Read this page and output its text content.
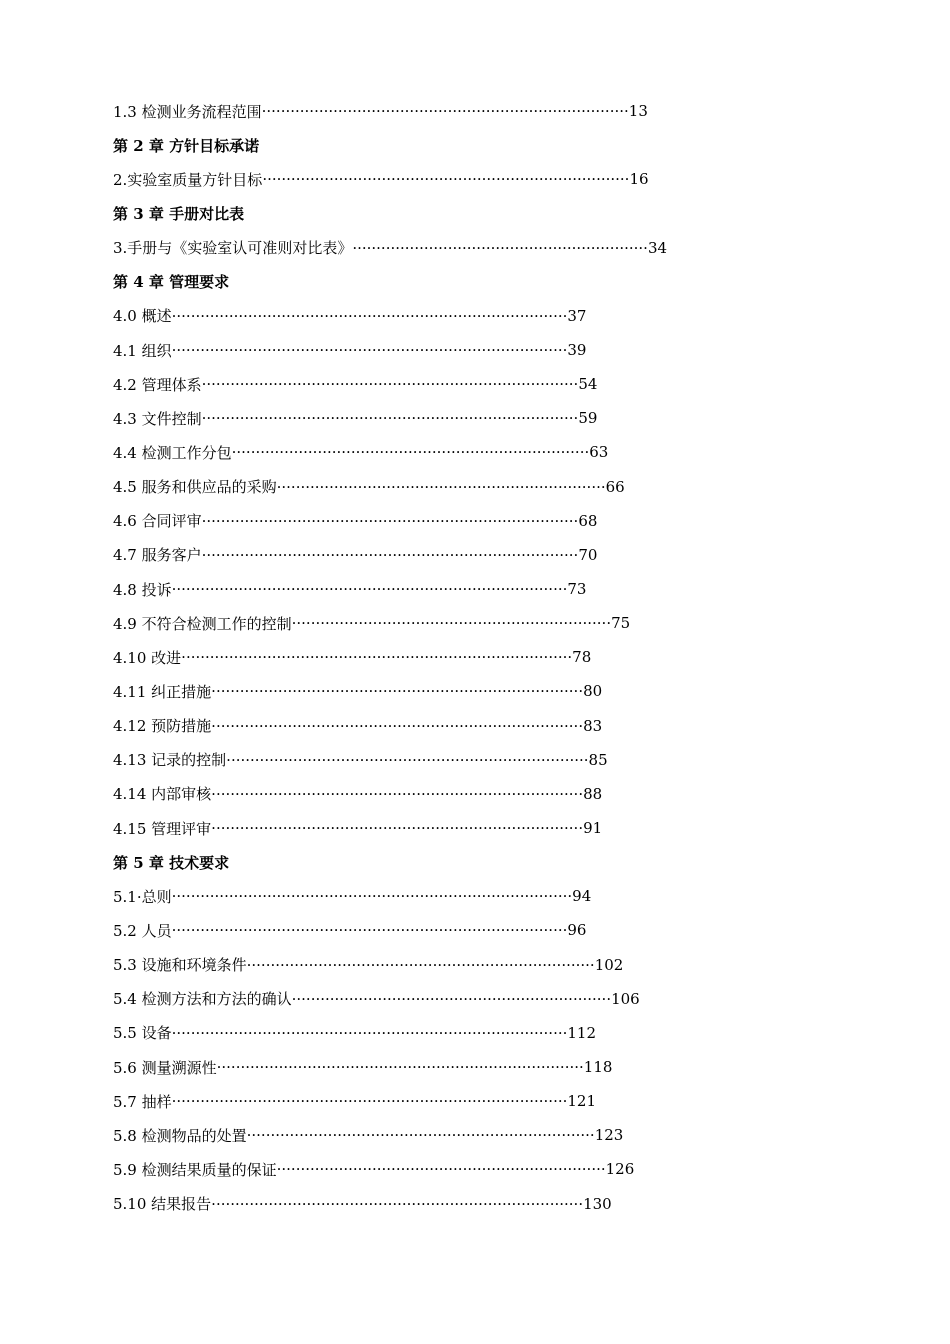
1.3 检测业务流程范围 ············································································· 13
第 2 章 方针目标承诺
2.实验室质量方针目标 ············································································· 16
第 3 章 手册对比表
3.手册与《实验室认可准则对比表》 ······························································ 34
第 4 章 管理要求
4.0 概述 ··················································································· 37
4.1 组织 ··················································································· 39
4.2 管理体系 ··············································································· 54
4.3 文件控制 ··············································································· 59
4.4 检测工作分包 ··········································································· 63
4.5 服务和供应品的采购 ····································································· 66
4.6 合同评审 ··············································································· 68
4.7 服务客户 ··············································································· 70
4.8 投诉 ··················································································· 73
4.9 不符合检测工作的控制 ··································································· 75
4.10 改进 ·················································································· 78
4.11 纠正措施 ·············································································· 80
4.12 预防措施 ·············································································· 83
4.13 记录的控制 ············································································ 85
4.14 内部审核 ·············································································· 88
4.15 管理评审 ·············································································· 91
第 5 章 技术要求
5.1·总则 ···················································································· 94
5.2 人员 ··················································································· 96
5.3 设施和环境条件 ········································································· 102
5.4 检测方法和方法的确认 ··································································· 106
5.5 设备 ··················································································· 112
5.6 测量溯源性 ············································································· 118
5.7 抽样 ··················································································· 121
5.8 检测物品的处置 ········································································· 123
5.9 检测结果质量的保证 ····································································· 126
5.10 结果报告 ·············································································· 130
